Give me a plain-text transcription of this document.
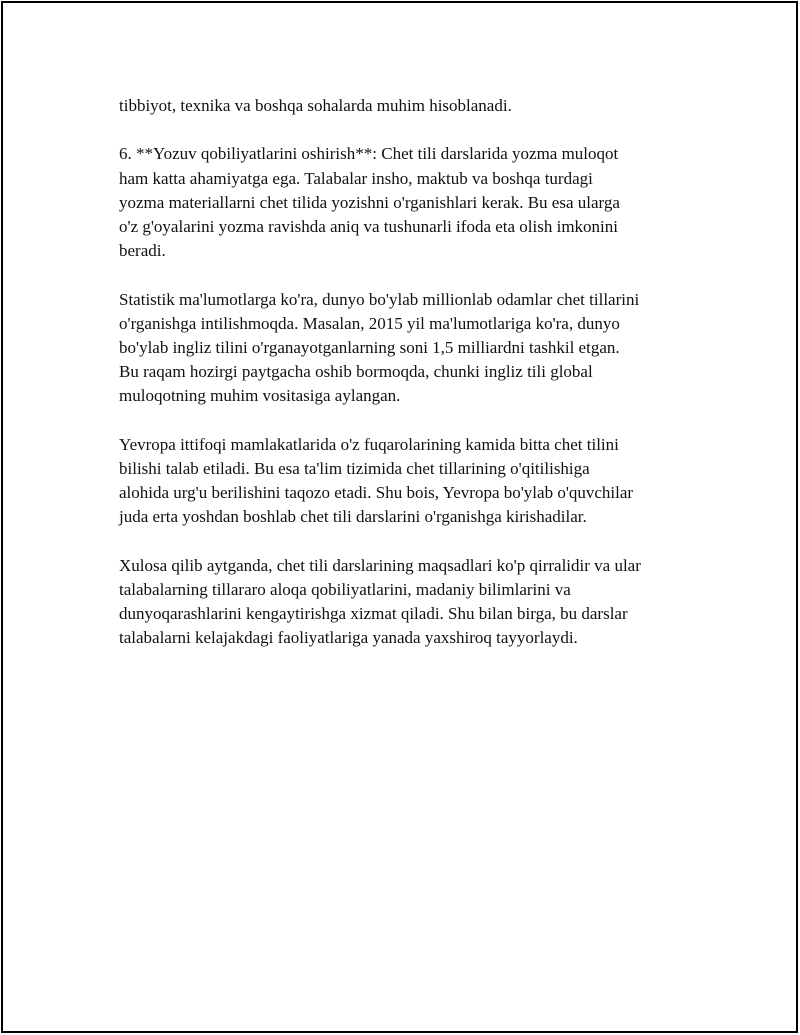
tibbiyot, texnika va boshqa sohalarda muhim hisoblanadi.

6. **Yozuv qobiliyatlarini oshirish**: Chet tili darslarida yozma muloqot
ham katta ahamiyatga ega. Talabalar insho, maktub va boshqa turdagi
yozma materiallarni chet tilida yozishni o'rganishlari kerak. Bu esa ularga
o'z g'oyalarini yozma ravishda aniq va tushunarli ifoda eta olish imkonini
beradi.

Statistik ma'lumotlarga ko'ra, dunyo bo'ylab millionlab odamlar chet tillarini
o'rganishga intilishmoqda. Masalan, 2015 yil ma'lumotlariga ko'ra, dunyo
bo'ylab ingliz tilini o'rganayotganlarning soni 1,5 milliardni tashkil etgan.
Bu raqam hozirgi paytgacha oshib bormoqda, chunki ingliz tili global
muloqotning muhim vositasiga aylangan.

Yevropa ittifoqi mamlakatlarida o'z fuqarolarining kamida bitta chet tilini
bilishi talab etiladi. Bu esa ta'lim tizimida chet tillarining o'qitilishiga
alohida urg'u berilishini taqozo etadi. Shu bois, Yevropa bo'ylab o'quvchilar
juda erta yoshdan boshlab chet tili darslarini o'rganishga kirishadilar.

Xulosa qilib aytganda, chet tili darslarining maqsadlari ko'p qirralidir va ular
talabalarning tillararo aloqa qobiliyatlarini, madaniy bilimlarini va
dunyoqarashlarini kengaytirishga xizmat qiladi. Shu bilan birga, bu darslar
talabalarni kelajakdagi faoliyatlariga yanada yaxshiroq tayyorlaydi.
